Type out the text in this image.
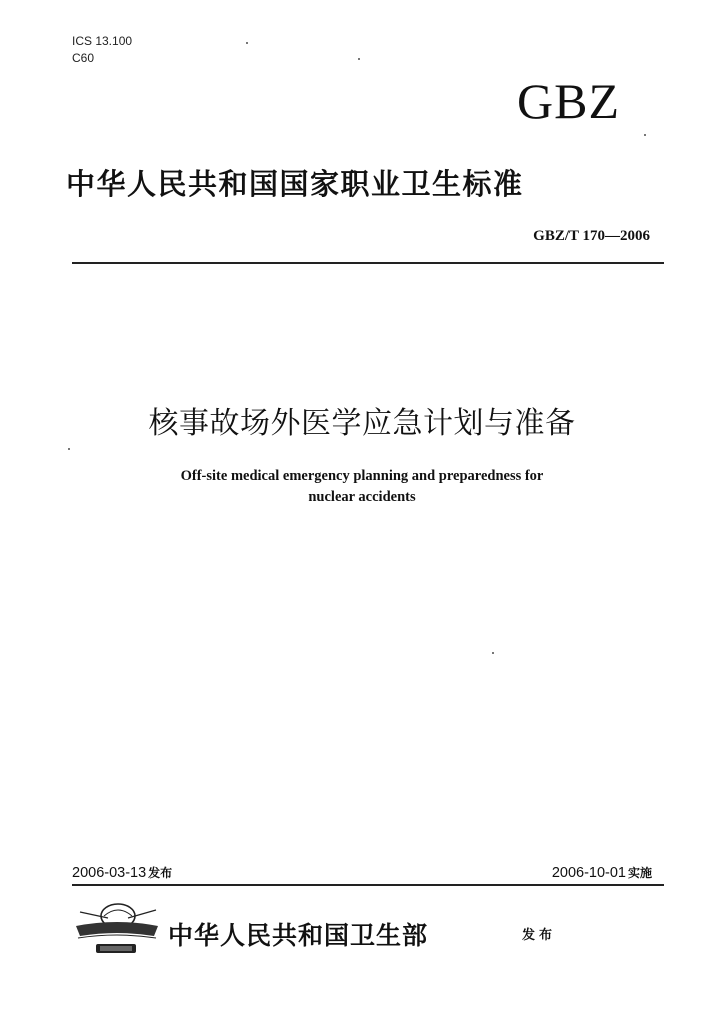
ICS 13.100
C60
GBZ
中华人民共和国国家职业卫生标准
GBZ/T 170—2006
核事故场外医学应急计划与准备
Off-site medical emergency planning and preparedness for
nuclear accidents
2006-03-13 发布	2006-10-01 实施
中华人民共和国卫生部	发布
